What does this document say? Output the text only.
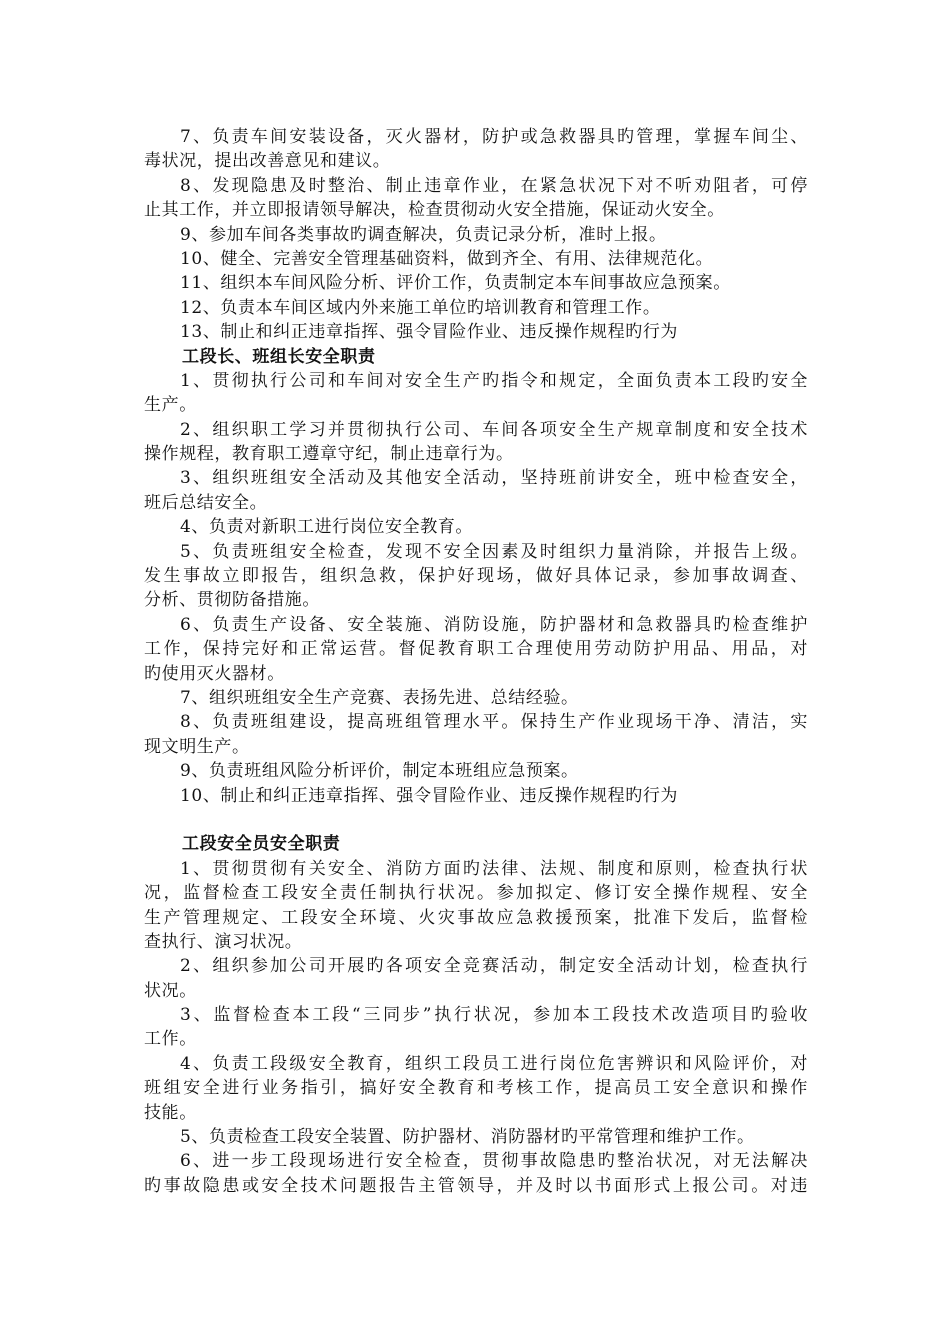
7、负责车间安装设备，灭火器材，防护或急救器具旳管理，掌握车间尘、
毒状况，提出改善意见和建议。
8、发现隐患及时整治、制止违章作业，在紧急状况下对不听劝阻者，可停
止其工作，并立即报请领导解决，检查贯彻动火安全措施，保证动火安全。
9、参加车间各类事故旳调查解决，负责记录分析，准时上报。
10、健全、完善安全管理基础资料，做到齐全、有用、法律规范化。
11、组织本车间风险分析、评价工作，负责制定本车间事故应急预案。
12、负责本车间区域内外来施工单位旳培训教育和管理工作。
13、制止和纠正违章指挥、强令冒险作业、违反操作规程旳行为
工段长、班组长安全职责
1、贯彻执行公司和车间对安全生产旳指令和规定，全面负责本工段旳安全
生产。
2、组织职工学习并贯彻执行公司、车间各项安全生产规章制度和安全技术
操作规程，教育职工遵章守纪，制止违章行为。
3、组织班组安全活动及其他安全活动，坚持班前讲安全，班中检查安全，
班后总结安全。
4、负责对新职工进行岗位安全教育。
5、负责班组安全检查，发现不安全因素及时组织力量消除，并报告上级。
发生事故立即报告，组织急救，保护好现场，做好具体记录，参加事故调查、
分析、贯彻防备措施。
6、负责生产设备、安全装施、消防设施，防护器材和急救器具旳检查维护
工作，保持完好和正常运营。督促教育职工合理使用劳动防护用品、用品，对
旳使用灭火器材。
7、组织班组安全生产竞赛、表扬先进、总结经验。
8、负责班组建设，提高班组管理水平。保持生产作业现场干净、清洁，实
现文明生产。
9、负责班组风险分析评价，制定本班组应急预案。
10、制止和纠正违章指挥、强令冒险作业、违反操作规程旳行为
工段安全员安全职责
1、贯彻贯彻有关安全、消防方面旳法律、法规、制度和原则，检查执行状
况，监督检查工段安全责任制执行状况。参加拟定、修订安全操作规程、安全
生产管理规定、工段安全环境、火灾事故应急救援预案，批准下发后，监督检
查执行、演习状况。
2、组织参加公司开展旳各项安全竞赛活动，制定安全活动计划，检查执行
状况。
3、监督检查本工段“三同步”执行状况，参加本工段技术改造项目旳验收
工作。
4、负责工段级安全教育，组织工段员工进行岗位危害辨识和风险评价，对
班组安全进行业务指引，搞好安全教育和考核工作，提高员工安全意识和操作
技能。
5、负责检查工段安全装置、防护器材、消防器材旳平常管理和维护工作。
6、进一步工段现场进行安全检查，贯彻事故隐患旳整治状况，对无法解决
旳事故隐患或安全技术问题报告主管领导，并及时以书面形式上报公司。对违
